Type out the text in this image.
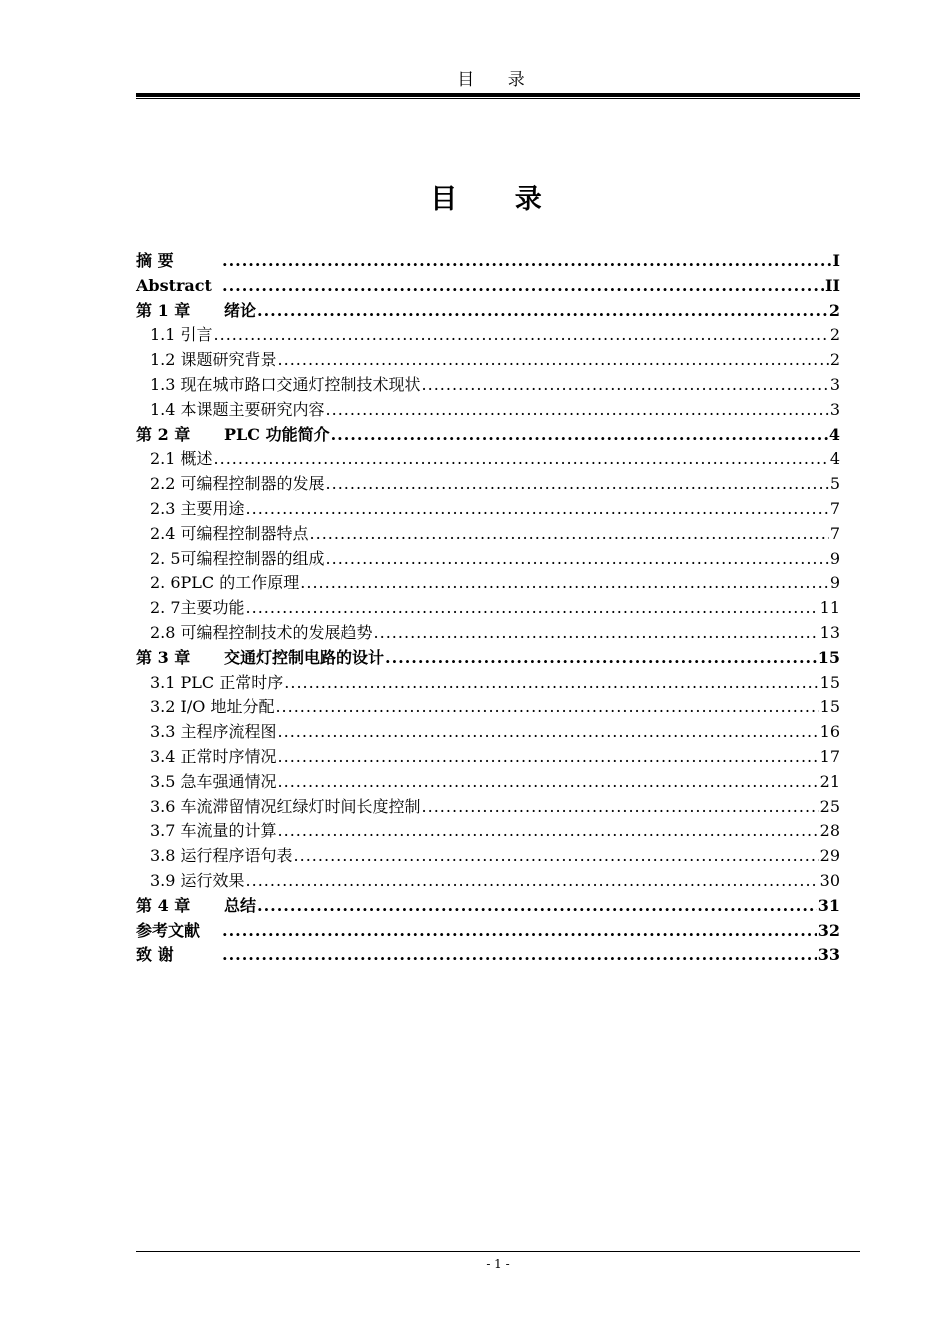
目 录
目 录
摘 要 .....	I
Abstract .....	II
第 1 章 绪论 .....	2
1.1 引言 .....	2
1.2 课题研究背景 .....	2
1.3 现在城市路口交通灯控制技术现状 .....	3
1.4 本课题主要研究内容 .....	3
第 2 章 PLC 功能简介 .....	4
2.1 概述 .....	4
2.2 可编程控制器的发展 .....	5
2.3 主要用途 .....	7
2.4 可编程控制器特点 .....	7
2. 5可编程控制器的组成 .....	9
2. 6PLC 的工作原理 .....	9
2. 7主要功能 .....	11
2.8 可编程控制技术的发展趋势 .....	13
第 3 章 交通灯控制电路的设计 .....	15
3.1 PLC 正常时序 .....	15
3.2 I/O 地址分配 .....	15
3.3 主程序流程图 .....	16
3.4 正常时序情况 .....	17
3.5 急车强通情况 .....	21
3.6 车流滞留情况红绿灯时间长度控制 .....	25
3.7 车流量的计算 .....	28
3.8 运行程序语句表 .....	29
3.9 运行效果 .....	30
第 4 章 总结 .....	31
参考文献 .....	32
致 谢 .....	33
- 1 -
